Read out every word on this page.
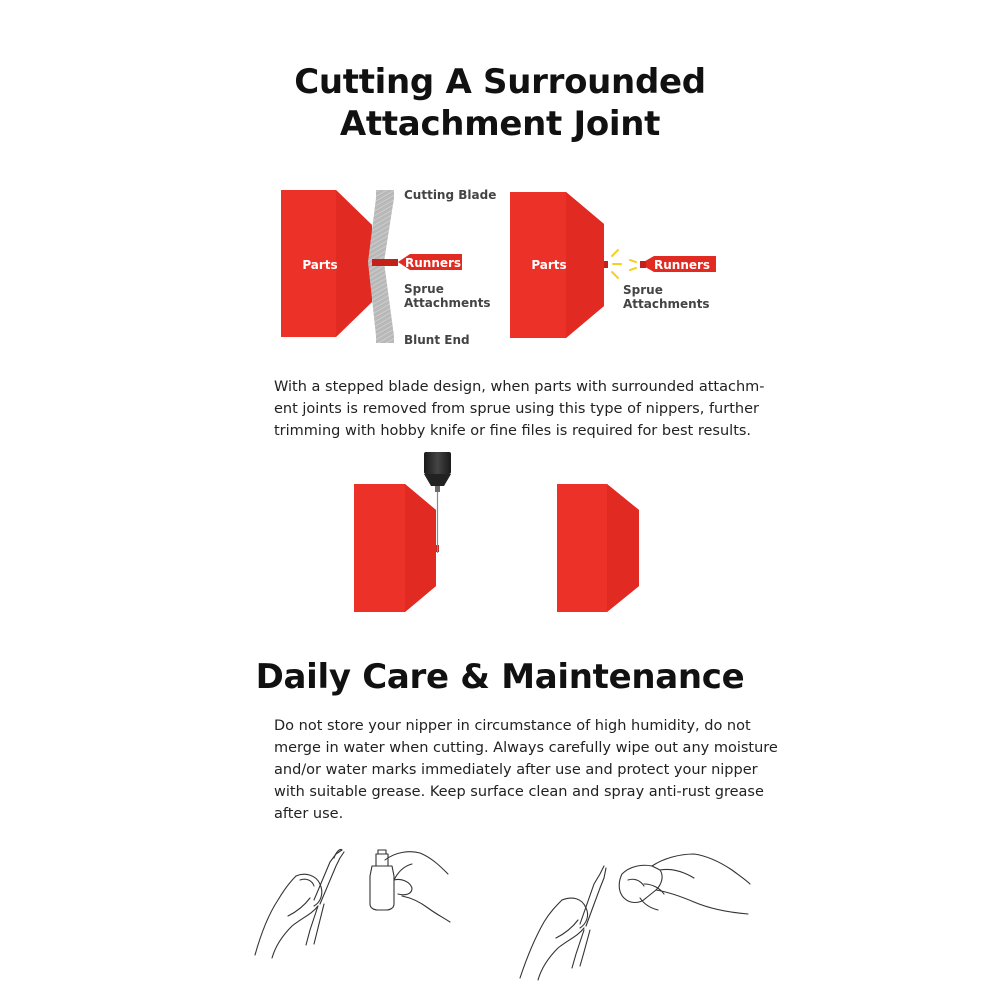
Cutting A Surrounded
Attachment Joint
Parts	Runners
Cutting Blade
Sprue
Attachments
Blunt End
Parts	Runners
Sprue
Attachments

With a stepped blade design, when parts with surrounded attachm-
ent joints is removed from sprue using this type of nippers, further
trimming with hobby knife or fine files is required for best results.

Daily Care & Maintenance

Do not store your nipper in circumstance of high humidity, do not
merge in water when cutting. Always carefully wipe out any moisture
and/or water marks immediately after use and protect your nipper
with suitable grease. Keep surface clean and spray anti-rust grease
after use.
